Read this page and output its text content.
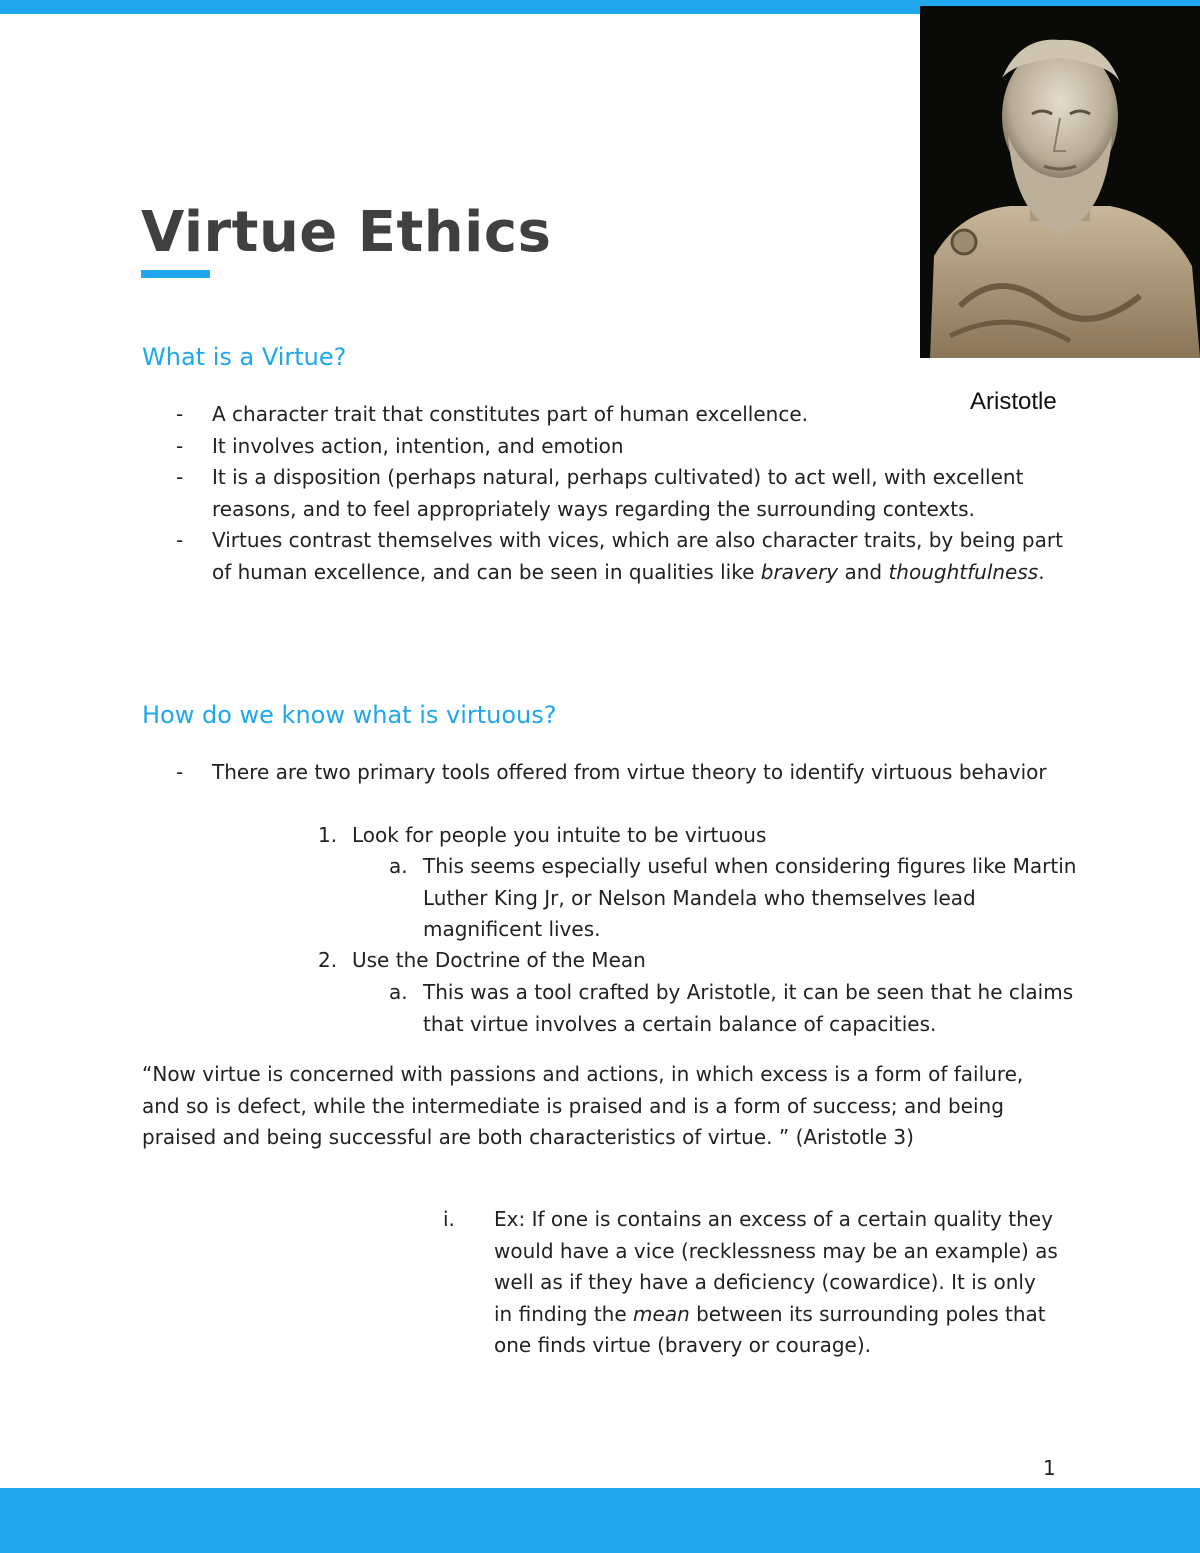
Aristotle
Virtue Ethics
What is a Virtue?
- A character trait that constitutes part of human excellence.
- It involves action, intention, and emotion
- It is a disposition (perhaps natural, perhaps cultivated) to act well, with excellent reasons, and to feel appropriately ways regarding the surrounding contexts.
- Virtues contrast themselves with vices, which are also character traits, by being part of human excellence, and can be seen in qualities like bravery and thoughtfulness.
How do we know what is virtuous?
- There are two primary tools offered from virtue theory to identify virtuous behavior
1. Look for people you intuite to be virtuous
a. This seems especially useful when considering figures like Martin Luther King Jr, or Nelson Mandela who themselves lead magnificent lives.
2. Use the Doctrine of the Mean
a. This was a tool crafted by Aristotle, it can be seen that he claims that virtue involves a certain balance of capacities.

“Now virtue is concerned with passions and actions, in which excess is a form of failure, and so is defect, while the intermediate is praised and is a form of success; and being praised and being successful are both characteristics of virtue. ” (Aristotle 3)

i. Ex: If one is contains an excess of a certain quality they would have a vice (recklessness may be an example) as well as if they have a deficiency (cowardice). It is only in finding the mean between its surrounding poles that one finds virtue (bravery or courage).
1
